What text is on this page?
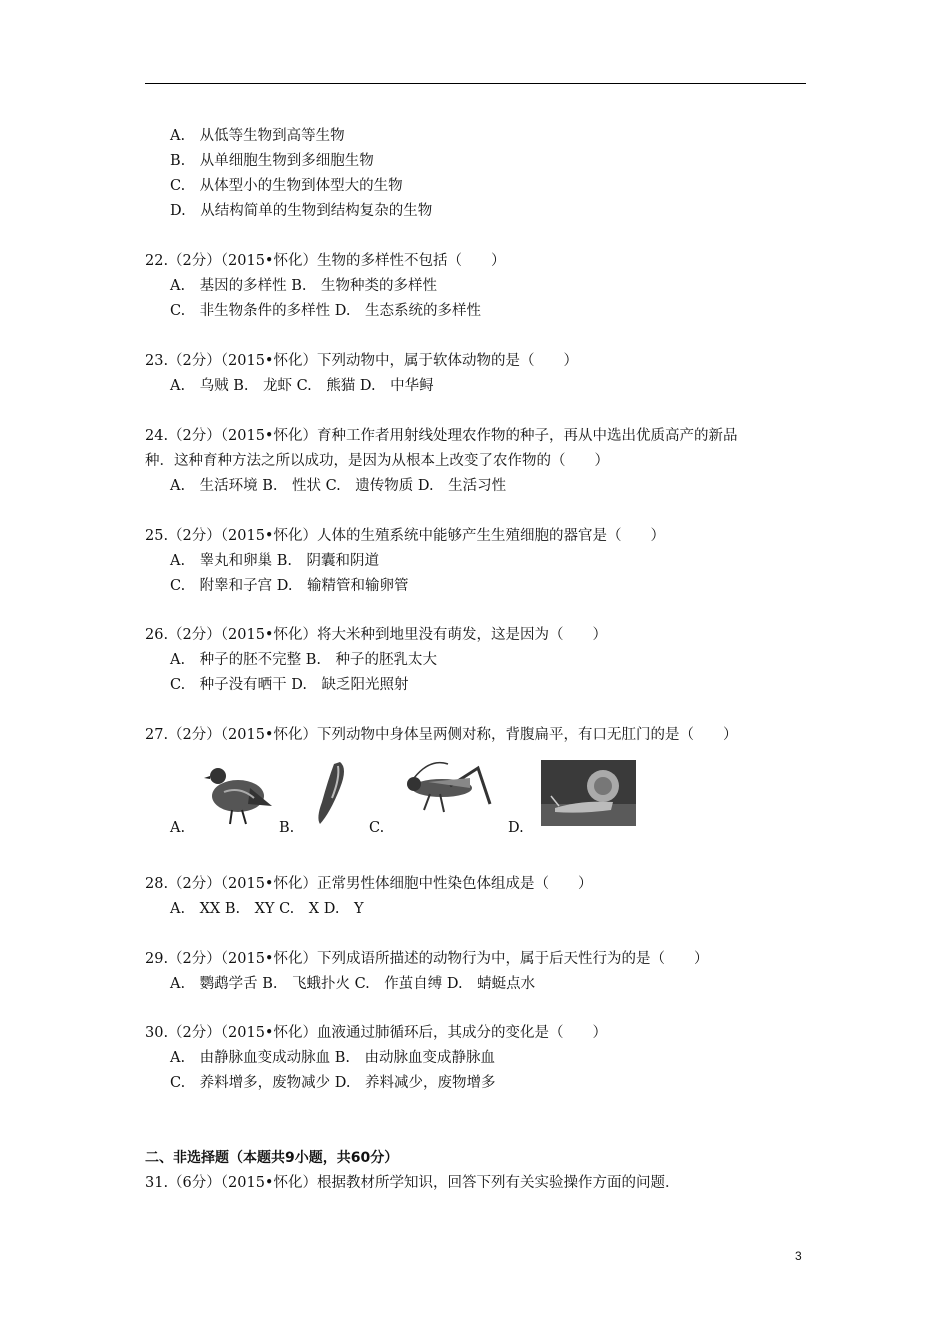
A.　从低等生物到高等生物
B.　从单细胞生物到多细胞生物
C.　从体型小的生物到体型大的生物
D.　从结构简单的生物到结构复杂的生物
22.（2分）（2015•怀化）生物的多样性不包括（　　）
A.　基因的多样性 B.　生物种类的多样性
C.　非生物条件的多样性 D.　生态系统的多样性
23.（2分）（2015•怀化）下列动物中，属于软体动物的是（　　）
A.　乌贼 B.　龙虾 C.　熊猫 D.　中华鲟
24.（2分）（2015•怀化）育种工作者用射线处理农作物的种子，再从中选出优质高产的新品
种．这种育种方法之所以成功，是因为从根本上改变了农作物的（　　）
A.　生活环境 B.　性状 C.　遗传物质 D.　生活习性
25.（2分）（2015•怀化）人体的生殖系统中能够产生生殖细胞的器官是（　　）
A.　睾丸和卵巢 B.　阴囊和阴道
C.　附睾和子宫 D.　输精管和输卵管
26.（2分）（2015•怀化）将大米种到地里没有萌发，这是因为（　　）
A.　种子的胚不完整 B.　种子的胚乳太大
C.　种子没有晒干 D.　缺乏阳光照射
27.（2分）（2015•怀化）下列动物中身体呈两侧对称，背腹扁平，有口无肛门的是（　　）
A.	B.	C.	D.
28.（2分）（2015•怀化）正常男性体细胞中性染色体组成是（　　）
A.　XX B.　XY C.　X D.　Y
29.（2分）（2015•怀化）下列成语所描述的动物行为中，属于后天性行为的是（　　）
A.　鹦鹉学舌 B.　飞蛾扑火 C.　作茧自缚 D.　蜻蜓点水
30.（2分）（2015•怀化）血液通过肺循环后，其成分的变化是（　　）
A.　由静脉血变成动脉血 B.　由动脉血变成静脉血
C.　养料增多，废物减少 D.　养料减少，废物增多
二、非选择题（本题共9小题，共60分）
31.（6分）（2015•怀化）根据教材所学知识，回答下列有关实验操作方面的问题．
3
